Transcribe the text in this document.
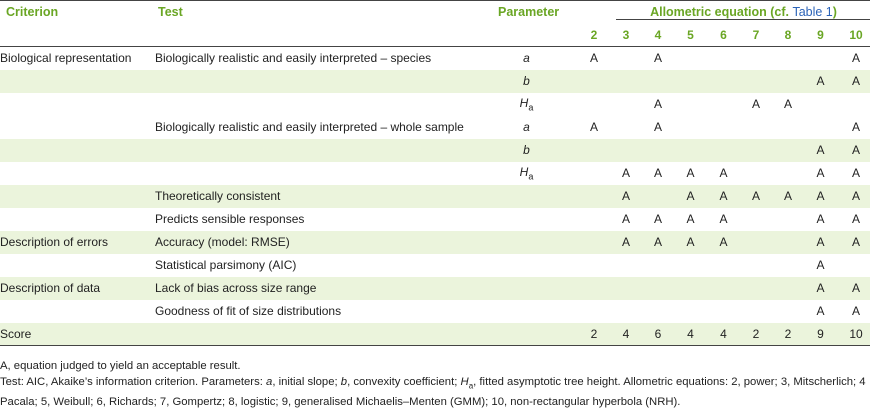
Criterion	Test	Parameter		Allometric equation (cf. Table 1)							

			2	3	4	5	6	7	8	9	10
Biological representation	Biologically realistic and easily interpreted – species	a	A		A						A
		b								A	A
		$H_a$			A			A	A		
	Biologically realistic and easily interpreted – whole sample	a	A		A						A
		b								A	A
		$H_a$		A	A	A	A			A	A
	Theoretically consistent			A		A	A	A	A	A	A
	Predicts sensible responses			A	A	A	A			A	A
Description of errors	Accuracy (model: RMSE)			A	A	A	A			A	A
	Statistical parsimony (AIC)									A	
Description of data	Lack of bias across size range									A	A
	Goodness of fit of size distributions									A	A
Score			2	4	6	4	4	2	2	9	10
A, equation judged to yield an acceptable result.
Test: AIC, Akaike’s information criterion. Parameters: a, initial slope; b, convexity coefficient; $H_a$, fitted asymptotic tree height. Allometric equations: 2, power; 3, Mitscherlich; 4 Pacala; 5, Weibull; 6, Richards; 7, Gompertz; 8, logistic; 9, generalised Michaelis–Menten (GMM); 10, non-rectangular hyperbola (NRH).
